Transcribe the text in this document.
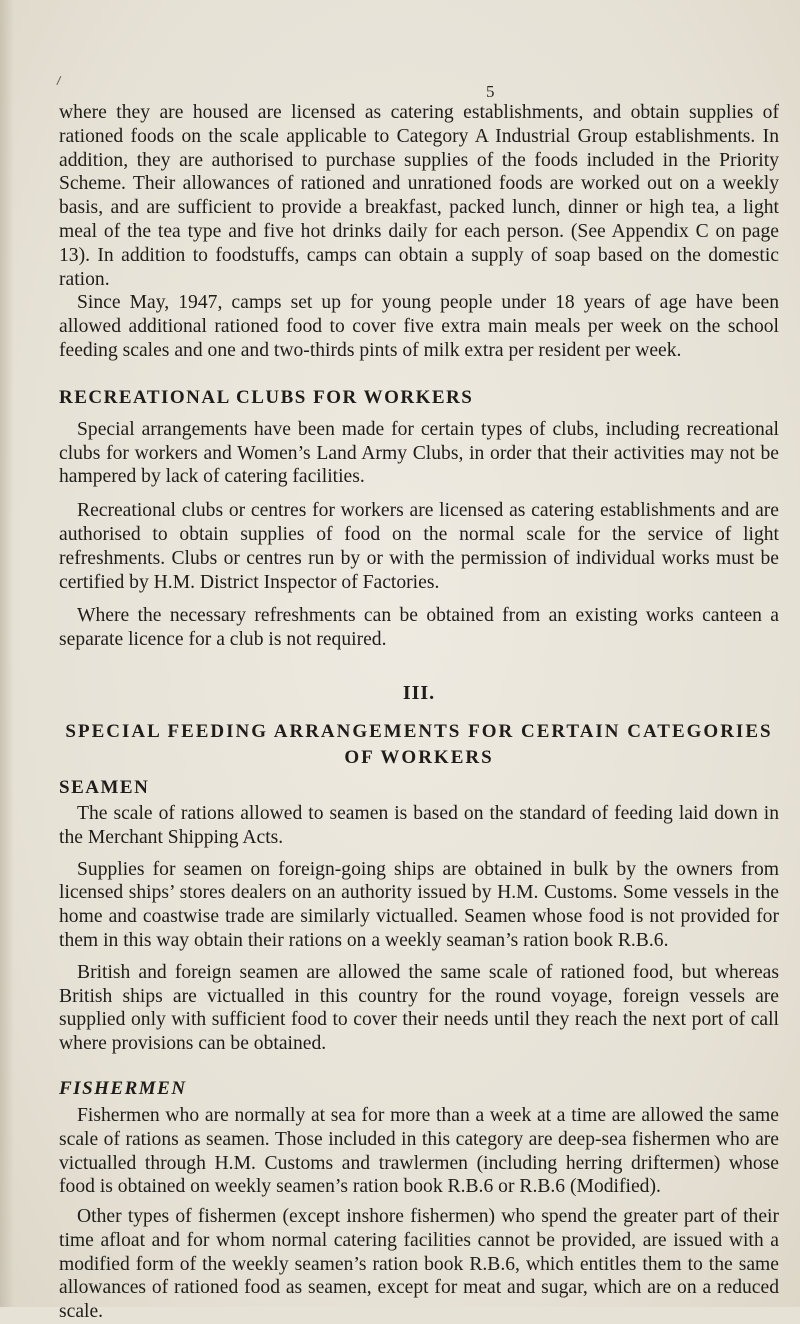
⸝
5

where they are housed are licensed as catering establishments, and obtain supplies of rationed foods on the scale applicable to Category A Industrial Group establishments. In addition, they are authorised to purchase supplies of the foods included in the Priority Scheme. Their allowances of rationed and unrationed foods are worked out on a weekly basis, and are sufficient to provide a breakfast, packed lunch, dinner or high tea, a light meal of the tea type and five hot drinks daily for each person. (See Appendix C on page 13). In addition to foodstuffs, camps can obtain a supply of soap based on the domestic ration.

Since May, 1947, camps set up for young people under 18 years of age have been allowed additional rationed food to cover five extra main meals per week on the school feeding scales and one and two-thirds pints of milk extra per resident per week.

RECREATIONAL CLUBS FOR WORKERS

Special arrangements have been made for certain types of clubs, including recreational clubs for workers and Women’s Land Army Clubs, in order that their activities may not be hampered by lack of catering facilities.

Recreational clubs or centres for workers are licensed as catering establishments and are authorised to obtain supplies of food on the normal scale for the service of light refreshments. Clubs or centres run by or with the permission of individual works must be certified by H.M. District Inspector of Factories.

Where the necessary refreshments can be obtained from an existing works canteen a separate licence for a club is not required.

III.
SPECIAL FEEDING ARRANGEMENTS FOR CERTAIN CATEGORIES
OF WORKERS
SEAMEN

The scale of rations allowed to seamen is based on the standard of feeding laid down in the Merchant Shipping Acts.

Supplies for seamen on foreign-going ships are obtained in bulk by the owners from licensed ships’ stores dealers on an authority issued by H.M. Customs. Some vessels in the home and coastwise trade are similarly victualled. Seamen whose food is not provided for them in this way obtain their rations on a weekly seaman’s ration book R.B.6.

British and foreign seamen are allowed the same scale of rationed food, but whereas British ships are victualled in this country for the round voyage, foreign vessels are supplied only with sufficient food to cover their needs until they reach the next port of call where provisions can be obtained.

FISHERMEN

Fishermen who are normally at sea for more than a week at a time are allowed the same scale of rations as seamen. Those included in this category are deep-sea fishermen who are victualled through H.M. Customs and trawlermen (including herring driftermen) whose food is obtained on weekly seamen’s ration book R.B.6 or R.B.6 (Modified).

Other types of fishermen (except inshore fishermen) who spend the greater part of their time afloat and for whom normal catering facilities cannot be provided, are issued with a modified form of the weekly seamen’s ration book R.B.6, which entitles them to the same allowances of rationed food as seamen, except for meat and sugar, which are on a reduced scale.
